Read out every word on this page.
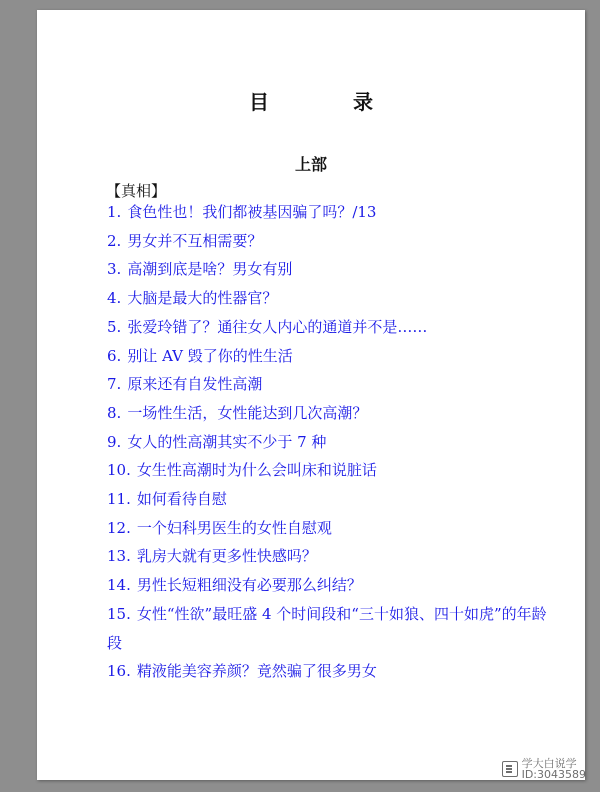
目　录
上部
【真相】
1. 食色性也！我们都被基因骗了吗？/13
2. 男女并不互相需要？
3. 高潮到底是啥？男女有别
4. 大脑是最大的性器官？
5. 张爱玲错了？通往女人内心的通道并不是……
6. 别让 AV 毁了你的性生活
7. 原来还有自发性高潮
8. 一场性生活，女性能达到几次高潮？
9. 女人的性高潮其实不少于 7 种
10. 女生性高潮时为什么会叫床和说脏话
11. 如何看待自慰
12. 一个妇科男医生的女性自慰观
13. 乳房大就有更多性快感吗？
14. 男性长短粗细没有必要那么纠结？
15. 女性“性欲”最旺盛 4 个时间段和“三十如狼、四十如虎”的年龄段
16. 精液能美容养颜？竟然骗了很多男女
学大白说学
ID:3043589
